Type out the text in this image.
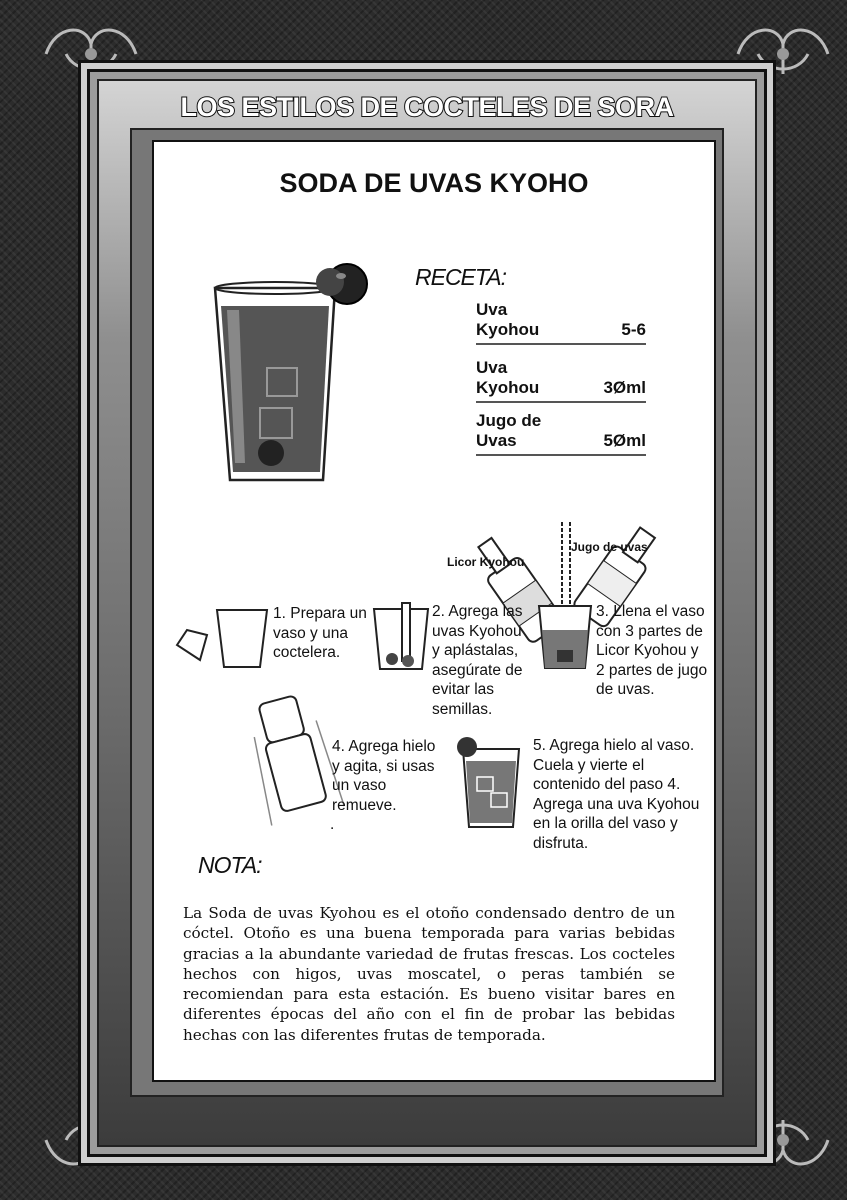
LOS ESTILOS DE COCTELES DE SORA
SODA DE UVAS KYOHO
RECETA:
Uva Kyohou	5-6
Uva Kyohou	3Øml
Jugo de Uvas	5Øml
Licor Kyohou
Jugo de uvas
1. Prepara un vaso y una coctelera.
2. Agrega las uvas Kyohou y aplástalas, asegúrate de evitar las semillas.
3. Llena el vaso con 3 partes de Licor Kyohou y 2 partes de jugo de uvas.
4. Agrega hielo y agita, si usas un vaso remueve.
.
5. Agrega hielo al vaso. Cuela y vierte el contenido del paso 4. Agrega una uva Kyohou en la orilla del vaso y disfruta.
NOTA:
La Soda de uvas Kyohou es el otoño condensado dentro de un cóctel. Otoño es una buena temporada para varias bebidas gracias a la abundante variedad de frutas frescas. Los cocteles hechos con higos, uvas moscatel, o peras también se recomiendan para esta estación. Es bueno visitar bares en diferentes épocas del año con el fin de probar las bebidas hechas con las diferentes frutas de temporada.
